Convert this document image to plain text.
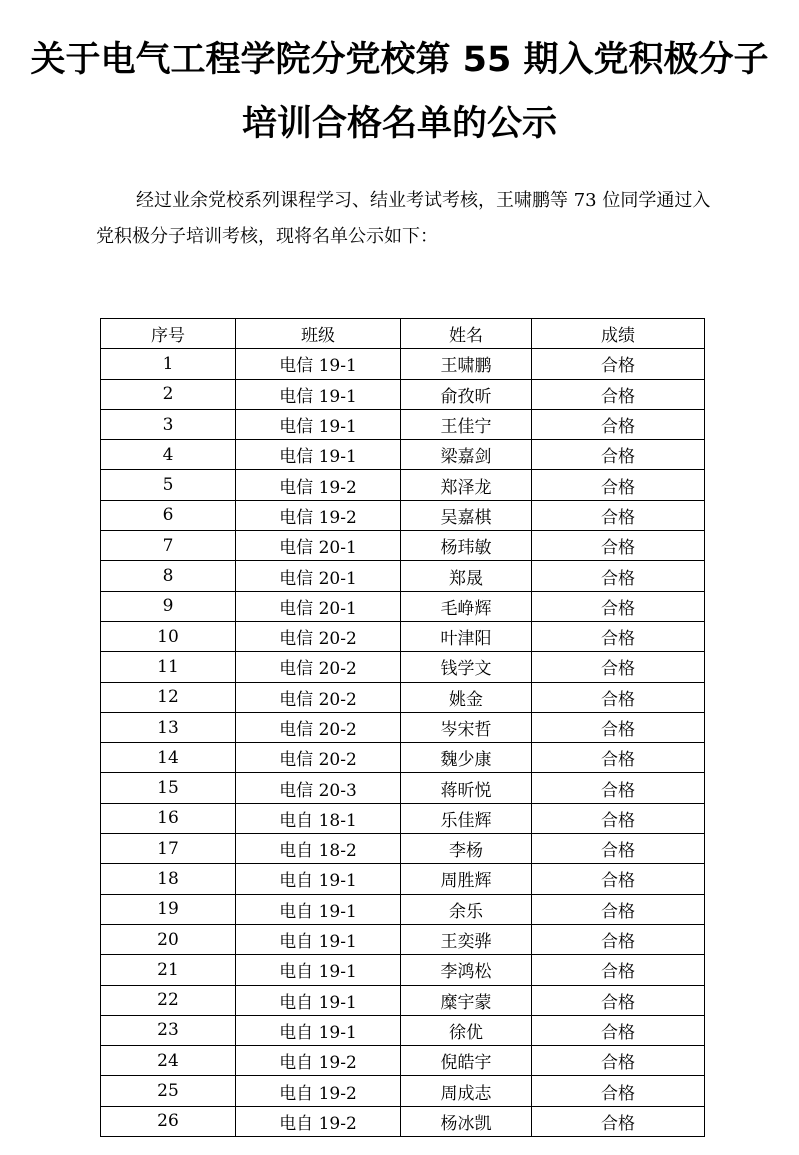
关于电气工程学院分党校第 55 期入党积极分子
培训合格名单的公示

经过业余党校系列课程学习、结业考试考核，王啸鹏等 73 位同学通过入党积极分子培训考核，现将名单公示如下：

序号	班级	姓名	成绩
1	电信 19-1	王啸鹏	合格
2	电信 19-1	俞孜昕	合格
3	电信 19-1	王佳宁	合格
4	电信 19-1	梁嘉剑	合格
5	电信 19-2	郑泽龙	合格
6	电信 19-2	吴嘉棋	合格
7	电信 20-1	杨玮敏	合格
8	电信 20-1	郑晟	合格
9	电信 20-1	毛峥辉	合格
10	电信 20-2	叶津阳	合格
11	电信 20-2	钱学文	合格
12	电信 20-2	姚金	合格
13	电信 20-2	岑宋哲	合格
14	电信 20-2	魏少康	合格
15	电信 20-3	蒋昕悦	合格
16	电自 18-1	乐佳辉	合格
17	电自 18-2	李杨	合格
18	电自 19-1	周胜辉	合格
19	电自 19-1	余乐	合格
20	电自 19-1	王奕骅	合格
21	电自 19-1	李鸿松	合格
22	电自 19-1	糜宇蒙	合格
23	电自 19-1	徐优	合格
24	电自 19-2	倪皓宇	合格
25	电自 19-2	周成志	合格
26	电自 19-2	杨冰凯	合格
